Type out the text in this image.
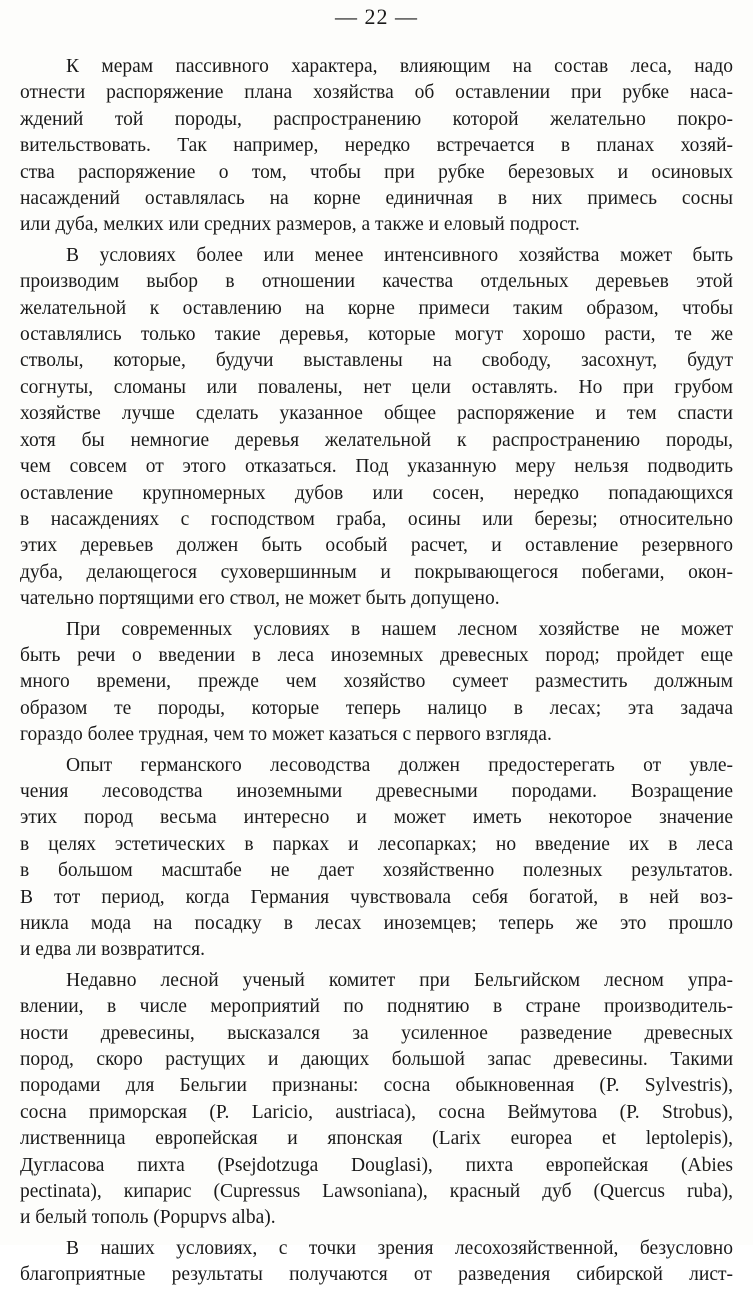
— 22 —
К мерам пассивного характера, влияющим на состав леса, надо
отнести распоряжение плана хозяйства об оставлении при рубке наса-
ждений той породы, распространению которой желательно покро-
вительствовать. Так например, нередко встречается в планах хозяй-
ства распоряжение о том, чтобы при рубке березовых и осиновых
насаждений оставлялась на корне единичная в них примесь сосны
или дуба, мелких или средних размеров, а также и еловый подрост.
В условиях более или менее интенсивного хозяйства может быть
производим выбор в отношении качества отдельных деревьев этой
желательной к оставлению на корне примеси таким образом, чтобы
оставлялись только такие деревья, которые могут хорошо расти, те же
стволы, которые, будучи выставлены на свободу, засохнут, будут
согнуты, сломаны или повалены, нет цели оставлять. Но при грубом
хозяйстве лучше сделать указанное общее распоряжение и тем спасти
хотя бы немногие деревья желательной к распространению породы,
чем совсем от этого отказаться. Под указанную меру нельзя подводить
оставление крупномерных дубов или сосен, нередко попадающихся
в насаждениях с господством граба, осины или березы; относительно
этих деревьев должен быть особый расчет, и оставление резервного
дуба, делающегося суховершинным и покрывающегося побегами, окон-
чательно портящими его ствол, не может быть допущено.
При современных условиях в нашем лесном хозяйстве не может
быть речи о введении в леса иноземных древесных пород; пройдет еще
много времени, прежде чем хозяйство сумеет разместить должным
образом те породы, которые теперь налицо в лесах; эта задача
гораздо более трудная, чем то может казаться с первого взгляда.
Опыт германского лесоводства должен предостерегать от увле-
чения лесоводства иноземными древесными породами. Возращение
этих пород весьма интересно и может иметь некоторое значение
в целях эстетических в парках и лесопарках; но введение их в леса
в большом масштабе не дает хозяйственно полезных результатов.
В тот период, когда Германия чувствовала себя богатой, в ней воз-
никла мода на посадку в лесах иноземцев; теперь же это прошло
и едва ли возвратится.
Недавно лесной ученый комитет при Бельгийском лесном упра-
влении, в числе мероприятий по поднятию в стране производитель-
ности древесины, высказался за усиленное разведение древесных
пород, скоро растущих и дающих большой запас древесины. Такими
породами для Бельгии признаны: сосна обыкновенная (P. Sylvestris),
сосна приморская (P. Laricio, austriaca), сосна Веймутова (P. Strobus),
лиственница европейская и японская (Larix europea et leptolepis),
Дугласова пихта (Psejdotzuga Douglasi), пихта европейская (Abies
pectinata), кипарис (Cupressus Lawsoniana), красный дуб (Quercus ruba),
и белый тополь (Popupvs alba).
В наших условиях, с точки зрения лесохозяйственной, безусловно
благоприятные результаты получаются от разведения сибирской лист-
